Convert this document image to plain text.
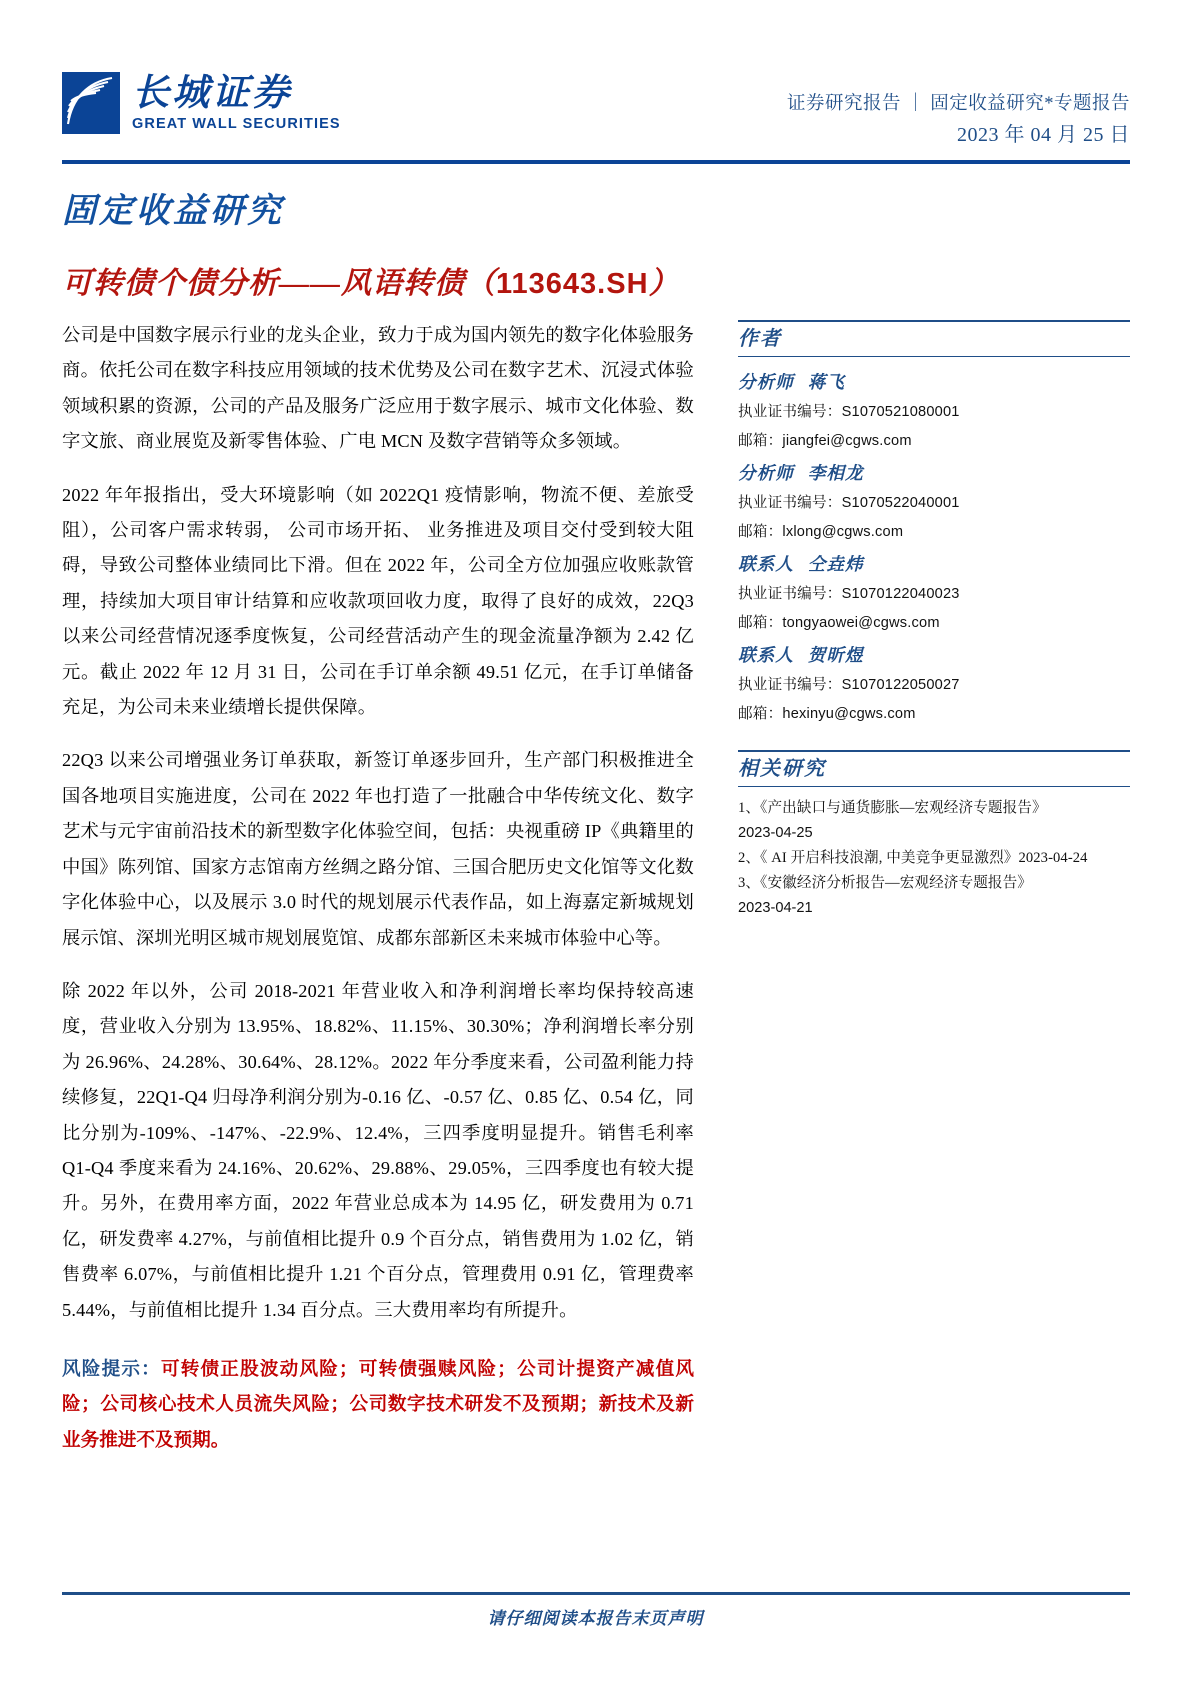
长城证券
GREAT WALL SECURITIES
证券研究报告 ｜ 固定收益研究*专题报告
2023 年 04 月 25 日
固定收益研究
可转债个债分析——风语转债（113643.SH）

公司是中国数字展示行业的龙头企业，致力于成为国内领先的数字化体验服务商。依托公司在数字科技应用领域的技术优势及公司在数字艺术、沉浸式体验领域积累的资源，公司的产品及服务广泛应用于数字展示、城市文化体验、数字文旅、商业展览及新零售体验、广电 MCN 及数字营销等众多领域。

2022 年年报指出，受大环境影响（如 2022Q1 疫情影响，物流不便、差旅受阻），公司客户需求转弱， 公司市场开拓、 业务推进及项目交付受到较大阻碍，导致公司整体业绩同比下滑。但在 2022 年，公司全方位加强应收账款管理，持续加大项目审计结算和应收款项回收力度，取得了良好的成效，22Q3 以来公司经营情况逐季度恢复，公司经营活动产生的现金流量净额为 2.42 亿元。截止 2022 年 12 月 31 日，公司在手订单余额 49.51 亿元，在手订单储备充足，为公司未来业绩增长提供保障。

22Q3 以来公司增强业务订单获取，新签订单逐步回升，生产部门积极推进全国各地项目实施进度，公司在 2022 年也打造了一批融合中华传统文化、数字艺术与元宇宙前沿技术的新型数字化体验空间，包括：央视重磅 IP《典籍里的中国》陈列馆、国家方志馆南方丝绸之路分馆、三国合肥历史文化馆等文化数字化体验中心，以及展示 3.0 时代的规划展示代表作品，如上海嘉定新城规划展示馆、深圳光明区城市规划展览馆、成都东部新区未来城市体验中心等。

除 2022 年以外，公司 2018-2021 年营业收入和净利润增长率均保持较高速度，营业收入分别为 13.95%、18.82%、11.15%、30.30%；净利润增长率分别为 26.96%、24.28%、30.64%、28.12%。2022 年分季度来看，公司盈利能力持续修复，22Q1-Q4 归母净利润分别为-0.16 亿、-0.57 亿、0.85 亿、0.54 亿，同比分别为-109%、-147%、-22.9%、12.4%，三四季度明显提升。销售毛利率 Q1-Q4 季度来看为 24.16%、20.62%、29.88%、29.05%，三四季度也有较大提升。另外，在费用率方面，2022 年营业总成本为 14.95 亿，研发费用为 0.71 亿，研发费率 4.27%，与前值相比提升 0.9 个百分点，销售费用为 1.02 亿，销售费率 6.07%，与前值相比提升 1.21 个百分点，管理费用 0.91 亿，管理费率 5.44%，与前值相比提升 1.34 百分点。三大费用率均有所提升。

风险提示：可转债正股波动风险；可转债强赎风险；公司计提资产减值风险；公司核心技术人员流失风险；公司数字技术研发不及预期；新技术及新业务推进不及预期。

作者
分析师 蒋飞
执业证书编号：S1070521080001
邮箱：jiangfei@cgws.com
分析师 李相龙
执业证书编号：S1070522040001
邮箱：lxlong@cgws.com
联系人 仝垚炜
执业证书编号：S1070122040023
邮箱：tongyaowei@cgws.com
联系人 贺昕煜
执业证书编号：S1070122050027
邮箱：hexinyu@cgws.com
相关研究
1、《产出缺口与通货膨胀—宏观经济专题报告》
2023-04-25
2、《 AI 开启科技浪潮, 中美竞争更显激烈》2023-04-24
3、《安徽经济分析报告—宏观经济专题报告》
2023-04-21
请仔细阅读本报告末页声明
